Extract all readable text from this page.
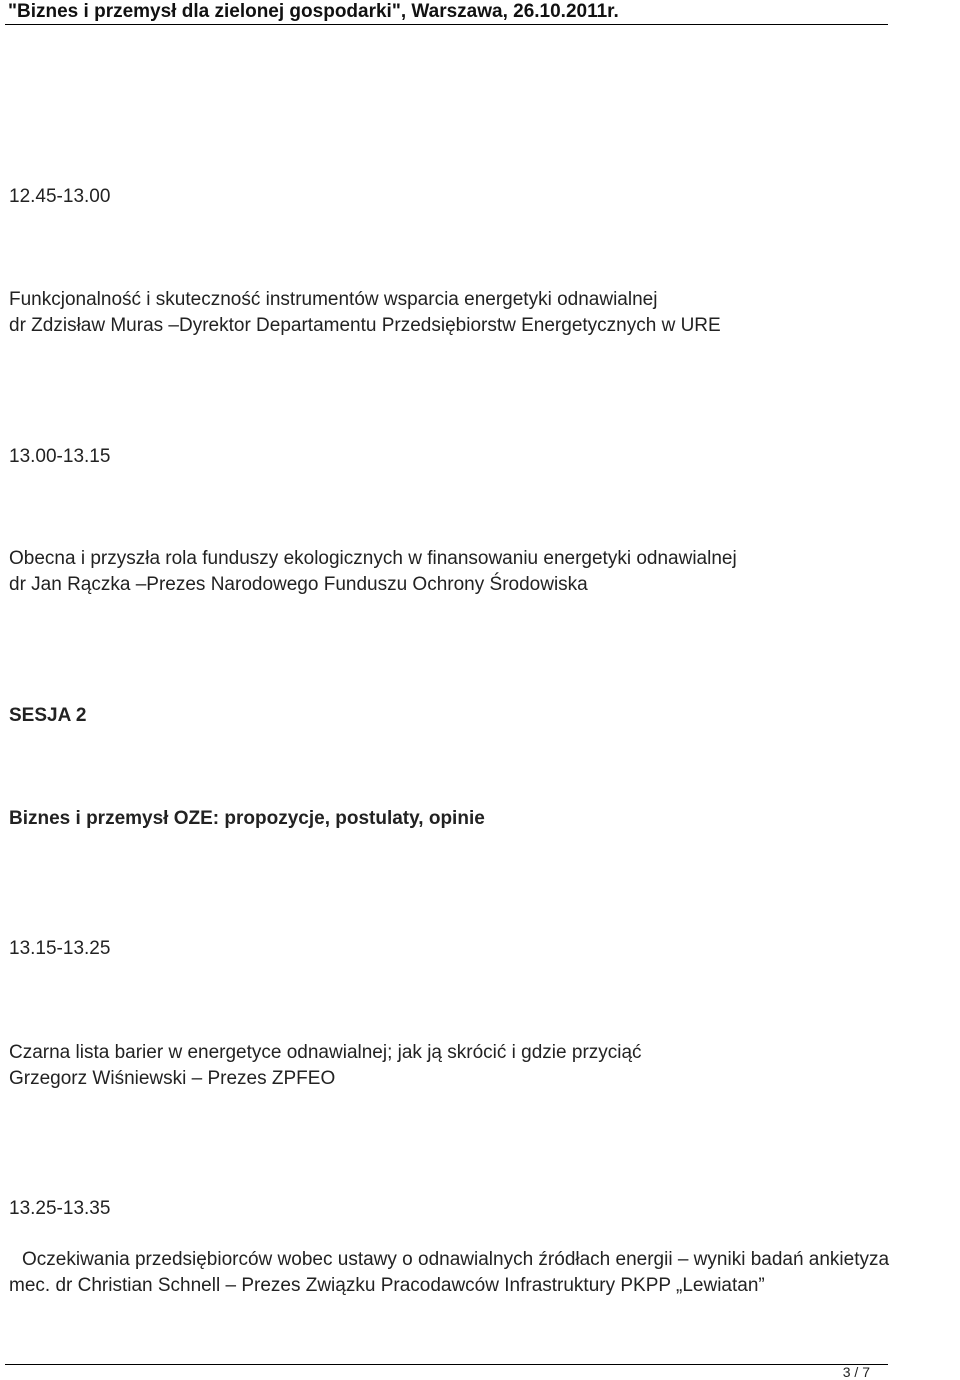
"Biznes i przemysł dla zielonej gospodarki", Warszawa, 26.10.2011r.
12.45-13.00
Funkcjonalność i skuteczność instrumentów wsparcia energetyki odnawialnej
dr Zdzisław Muras –Dyrektor Departamentu Przedsiębiorstw Energetycznych w URE
13.00-13.15
Obecna i przyszła rola funduszy ekologicznych w finansowaniu energetyki odnawialnej
dr Jan Rączka –Prezes Narodowego Funduszu Ochrony Środowiska
SESJA 2
Biznes i przemysł OZE: propozycje, postulaty, opinie
13.15-13.25
Czarna lista barier w energetyce odnawialnej; jak ją skrócić i gdzie przyciąć
Grzegorz Wiśniewski – Prezes ZPFEO
13.25-13.35
Oczekiwania przedsiębiorców wobec ustawy o odnawialnych źródłach energii – wyniki badań ankietyza
mec. dr Christian Schnell – Prezes Związku Pracodawców Infrastruktury PKPP „Lewiatan”
3 / 7
